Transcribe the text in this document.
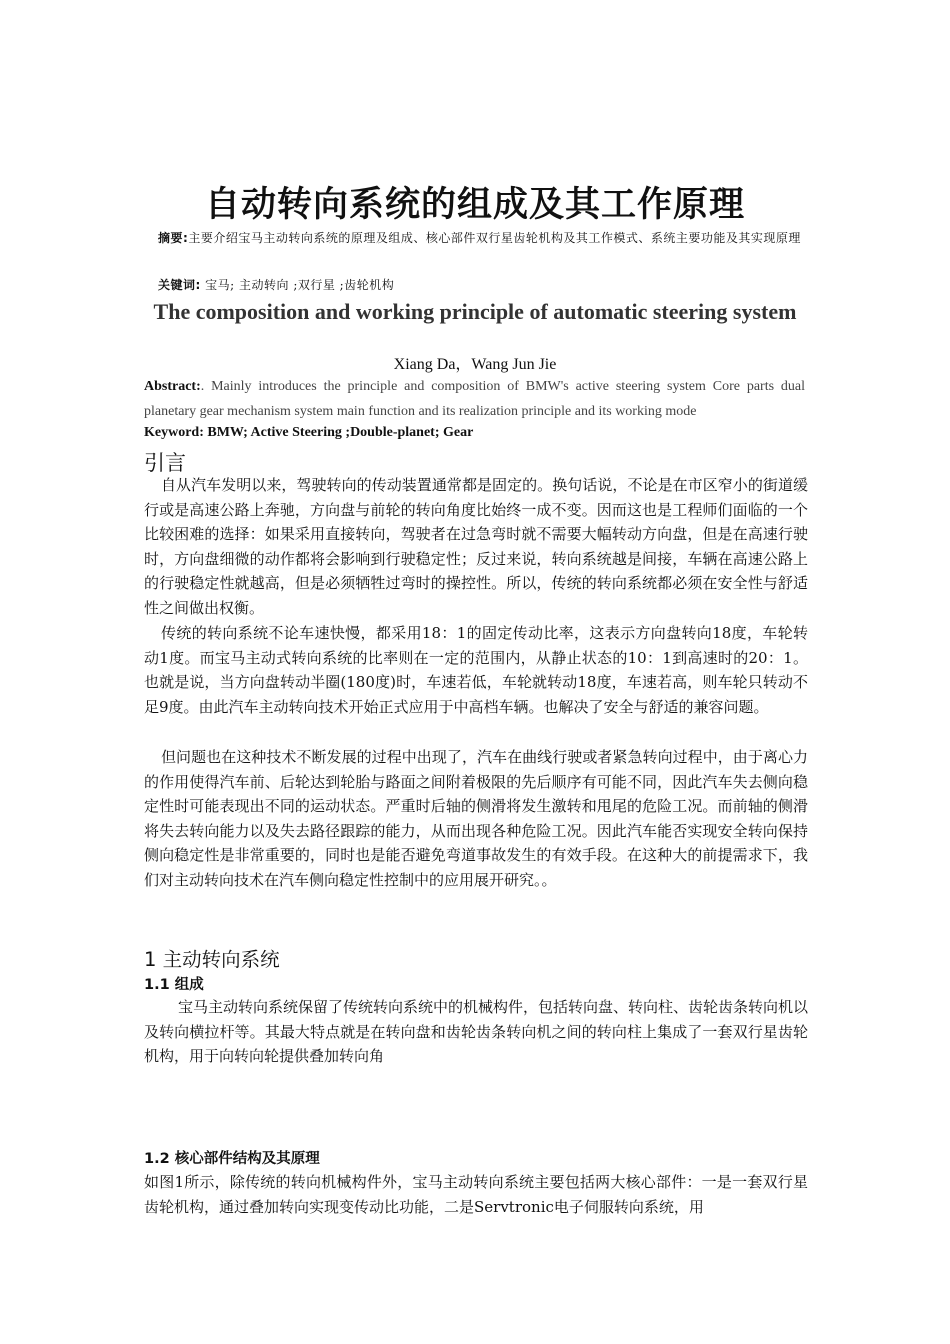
自动转向系统的组成及其工作原理
摘要:主要介绍宝马主动转向系统的原理及组成、核心部件双行星齿轮机构及其工作模式、系统主要功能及其实现原理
关键词: 宝马; 主动转向 ;双行星 ;齿轮机构
The composition and working principle of automatic steering system
Xiang Da，Wang Jun Jie
Abstract:. Mainly introduces the principle and composition of BMW's active steering system Core parts dual planetary gear mechanism system main function and its realization principle and its working mode
Keyword: BMW; Active Steering ;Double-planet; Gear
引言
自从汽车发明以来，驾驶转向的传动装置通常都是固定的。换句话说，不论是在市区窄小的街道缓行或是高速公路上奔驰，方向盘与前轮的转向角度比始终一成不变。因而这也是工程师们面临的一个比较困难的选择：如果采用直接转向，驾驶者在过急弯时就不需要大幅转动方向盘，但是在高速行驶时，方向盘细微的动作都将会影响到行驶稳定性；反过来说，转向系统越是间接，车辆在高速公路上的行驶稳定性就越高，但是必须牺牲过弯时的操控性。所以，传统的转向系统都必须在安全性与舒适性之间做出权衡。
传统的转向系统不论车速快慢，都采用18：1的固定传动比率，这表示方向盘转向18度，车轮转动1度。而宝马主动式转向系统的比率则在一定的范围内，从静止状态的10：1到高速时的20：1。也就是说，当方向盘转动半圈(180度)时，车速若低，车轮就转动18度，车速若高，则车轮只转动不足9度。由此汽车主动转向技术开始正式应用于中高档车辆。也解决了安全与舒适的兼容问题。
但问题也在这种技术不断发展的过程中出现了，汽车在曲线行驶或者紧急转向过程中，由于离心力的作用使得汽车前、后轮达到轮胎与路面之间附着极限的先后顺序有可能不同，因此汽车失去侧向稳定性时可能表现出不同的运动状态。严重时后轴的侧滑将发生激转和甩尾的危险工况。而前轴的侧滑将失去转向能力以及失去路径跟踪的能力，从而出现各种危险工况。因此汽车能否实现安全转向保持侧向稳定性是非常重要的，同时也是能否避免弯道事故发生的有效手段。在这种大的前提需求下，我们对主动转向技术在汽车侧向稳定性控制中的应用展开研究。。
1 主动转向系统
1.1 组成
宝马主动转向系统保留了传统转向系统中的机械构件，包括转向盘、转向柱、齿轮齿条转向机以及转向横拉杆等。其最大特点就是在转向盘和齿轮齿条转向机之间的转向柱上集成了一套双行星齿轮机构，用于向转向轮提供叠加转向角
1.2 核心部件结构及其原理
如图1所示，除传统的转向机械构件外，宝马主动转向系统主要包括两大核心部件：一是一套双行星齿轮机构，通过叠加转向实现变传动比功能，二是Servtronic电子伺服转向系统，用
